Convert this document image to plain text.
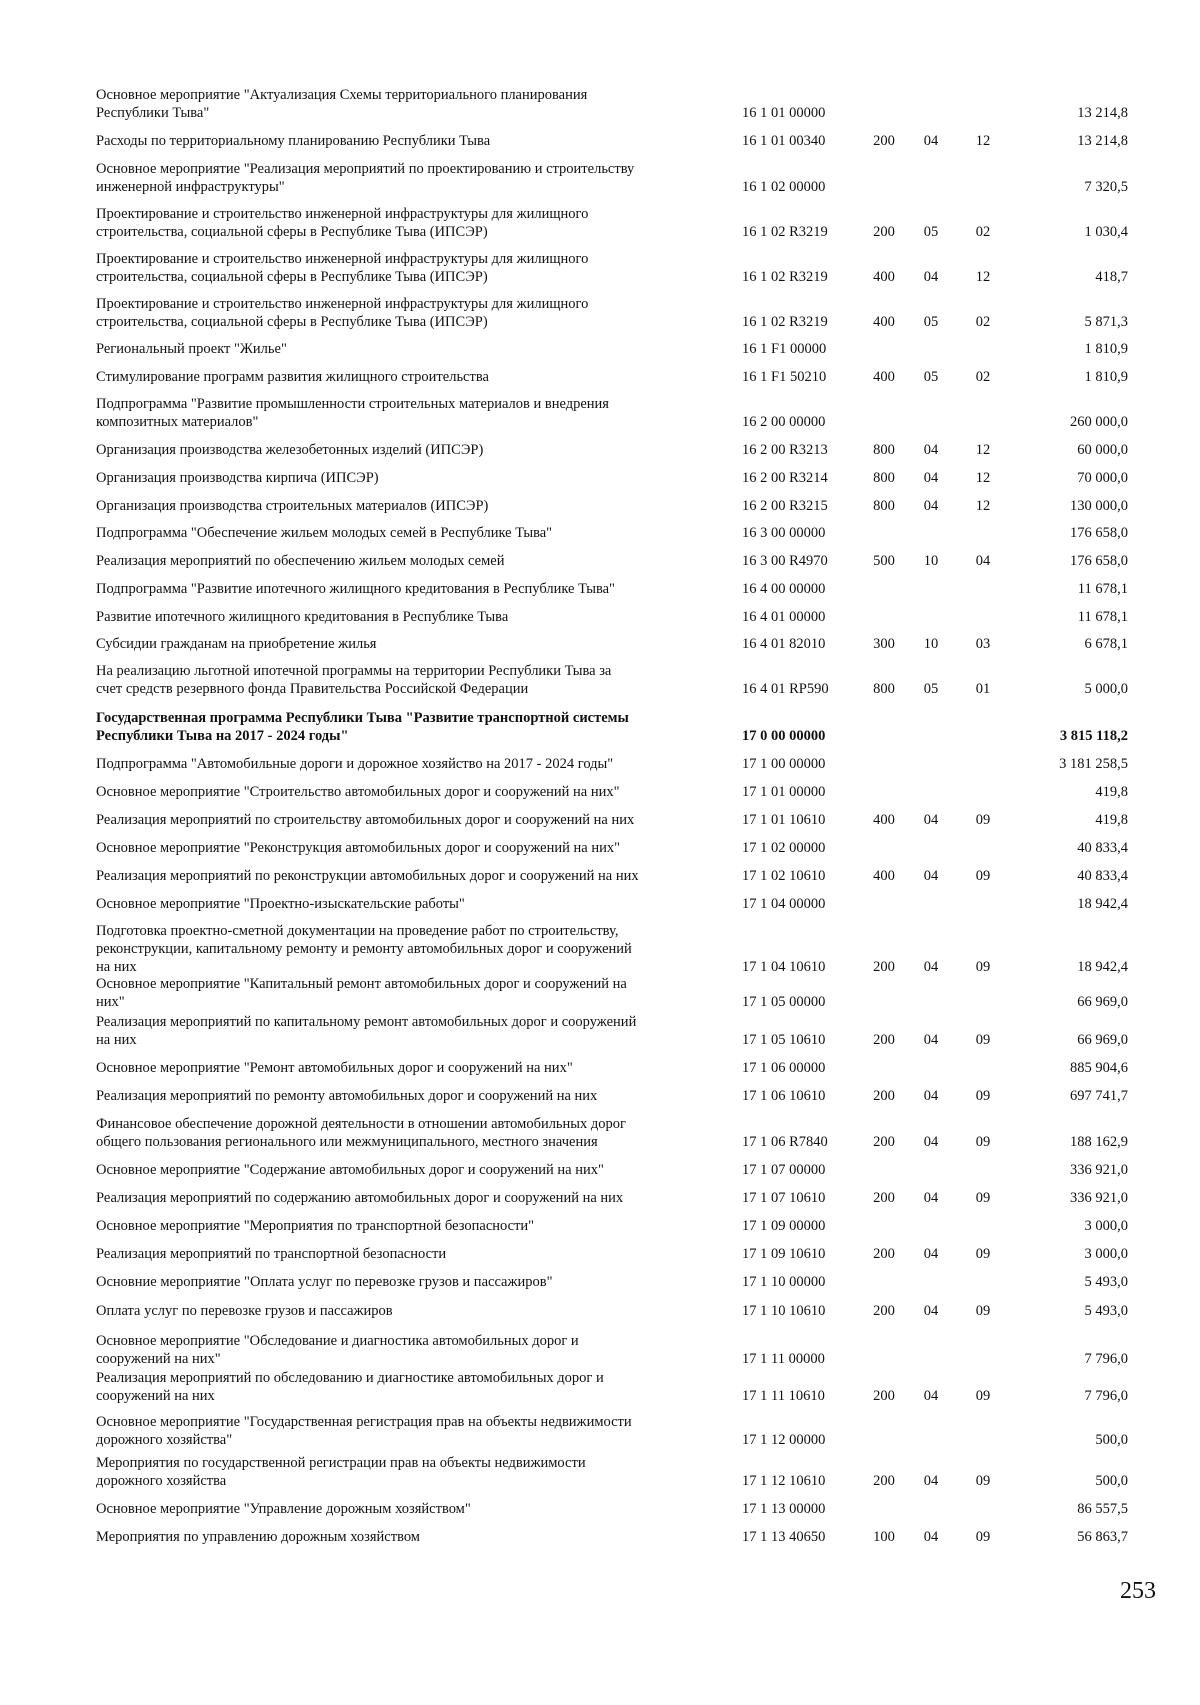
Основное мероприятие "Актуализация Схемы территориального планирования
Республики Тыва"	16 1 01 00000	13 214,8
Расходы по территориальному планированию Республики Тыва	16 1 01 00340	200	04	12	13 214,8
Основное мероприятие "Реализация мероприятий по проектированию и строительству
инженерной инфраструктуры"	16 1 02 00000	7 320,5
Проектирование и строительство инженерной инфраструктуры для жилищного
строительства, социальной сферы в Республике Тыва (ИПСЭР)	16 1 02 R3219	200	05	02	1 030,4
Проектирование и строительство инженерной инфраструктуры для жилищного
строительства, социальной сферы в Республике Тыва (ИПСЭР)	16 1 02 R3219	400	04	12	418,7
Проектирование и строительство инженерной инфраструктуры для жилищного
строительства, социальной сферы в Республике Тыва (ИПСЭР)	16 1 02 R3219	400	05	02	5 871,3
Региональный проект "Жилье"	16 1 F1 00000	1 810,9
Стимулирование программ развития жилищного строительства	16 1 F1 50210	400	05	02	1 810,9
Подпрограмма "Развитие промышленности строительных материалов и внедрения
композитных материалов"	16 2 00 00000	260 000,0
Организация производства железобетонных изделий (ИПСЭР)	16 2 00 R3213	800	04	12	60 000,0
Организация производства кирпича (ИПСЭР)	16 2 00 R3214	800	04	12	70 000,0
Организация производства строительных материалов (ИПСЭР)	16 2 00 R3215	800	04	12	130 000,0
Подпрограмма "Обеспечение жильем молодых семей в Республике Тыва"	16 3 00 00000	176 658,0
Реализация мероприятий по обеспечению жильем молодых семей	16 3 00 R4970	500	10	04	176 658,0
Подпрограмма "Развитие ипотечного жилищного кредитования в Республике Тыва"	16 4 00 00000	11 678,1
Развитие ипотечного жилищного кредитования в Республике Тыва	16 4 01 00000	11 678,1
Субсидии гражданам на приобретение жилья	16 4 01 82010	300	10	03	6 678,1
На реализацию льготной ипотечной программы на территории Республики Тыва за
счет средств резервного фонда Правительства Российской Федерации	16 4 01 RP590	800	05	01	5 000,0
Государственная программа Республики Тыва "Развитие транспортной системы
Республики Тыва на 2017 - 2024 годы"	17 0 00 00000	3 815 118,2
Подпрограмма "Автомобильные дороги и дорожное хозяйство на 2017 - 2024 годы"	17 1 00 00000	3 181 258,5
Основное мероприятие "Строительство автомобильных дорог и сооружений на них"	17 1 01 00000	419,8
Реализация мероприятий по строительству автомобильных дорог и сооружений на них	17 1 01 10610	400	04	09	419,8
Основное мероприятие "Реконструкция автомобильных дорог и сооружений на них"	17 1 02 00000	40 833,4
Реализация мероприятий по реконструкции автомобильных дорог и сооружений на них	17 1 02 10610	400	04	09	40 833,4
Основное мероприятие "Проектно-изыскательские работы"	17 1 04 00000	18 942,4
Подготовка проектно-сметной документации на проведение работ по строительству,
реконструкции, капитальному ремонту и ремонту автомобильных дорог и сооружений
на них	17 1 04 10610	200	04	09	18 942,4
Основное мероприятие "Капитальный ремонт автомобильных дорог и сооружений на
них"	17 1 05 00000	66 969,0
Реализация мероприятий по капитальному ремонт автомобильных дорог и сооружений
на них	17 1 05 10610	200	04	09	66 969,0
Основное мероприятие "Ремонт автомобильных дорог и сооружений на них"	17 1 06 00000	885 904,6
Реализация мероприятий по ремонту автомобильных дорог и сооружений на них	17 1 06 10610	200	04	09	697 741,7
Финансовое обеспечение дорожной деятельности в отношении автомобильных дорог
общего пользования регионального или межмуниципального, местного значения	17 1 06 R7840	200	04	09	188 162,9
Основное мероприятие "Содержание автомобильных дорог и сооружений на них"	17 1 07 00000	336 921,0
Реализация мероприятий по содержанию автомобильных дорог и сооружений на них	17 1 07 10610	200	04	09	336 921,0
Основное мероприятие "Мероприятия по транспортной безопасности"	17 1 09 00000	3 000,0
Реализация мероприятий по транспортной безопасности	17 1 09 10610	200	04	09	3 000,0
Основние мероприятие "Оплата услуг по перевозке грузов и пассажиров"	17 1 10 00000	5 493,0
Оплата услуг по перевозке грузов и пассажиров	17 1 10 10610	200	04	09	5 493,0
Основное мероприятие "Обследование и диагностика автомобильных дорог и
сооружений на них"	17 1 11 00000	7 796,0
Реализация мероприятий по обследованию и диагностике автомобильных дорог и
сооружений на них	17 1 11 10610	200	04	09	7 796,0
Основное мероприятие "Государственная регистрация прав на объекты недвижимости
дорожного хозяйства"	17 1 12 00000	500,0
Мероприятия по государственной регистрации прав на объекты недвижимости
дорожного хозяйства	17 1 12 10610	200	04	09	500,0
Основное мероприятие "Управление дорожным хозяйством"	17 1 13 00000	86 557,5
Мероприятия по управлению дорожным хозяйством	17 1 13 40650	100	04	09	56 863,7
253
